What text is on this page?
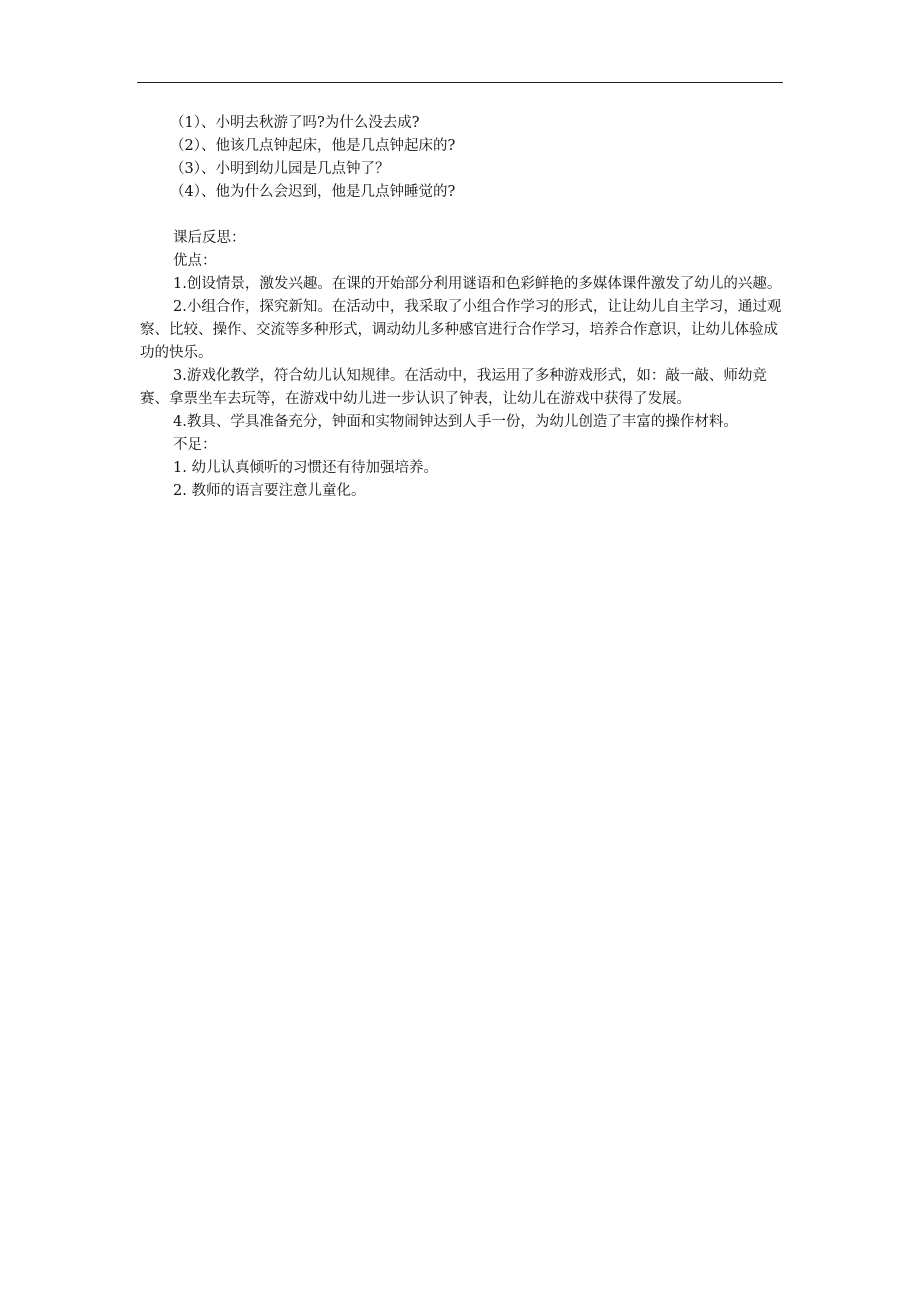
（1）、小明去秋游了吗?为什么没去成?
（2）、他该几点钟起床，他是几点钟起床的?
（3）、小明到幼儿园是几点钟了？
（4）、他为什么会迟到，他是几点钟睡觉的?

课后反思：

优点：

1.创设情景，激发兴趣。在课的开始部分利用谜语和色彩鲜艳的多媒体课件激发了幼儿的兴趣。

2.小组合作，探究新知。在活动中，我采取了小组合作学习的形式，让让幼儿自主学习，通过观察、比较、操作、交流等多种形式，调动幼儿多种感官进行合作学习，培养合作意识，让幼儿体验成功的快乐。

3.游戏化教学，符合幼儿认知规律。在活动中，我运用了多种游戏形式，如：敲一敲、师幼竞赛、拿票坐车去玩等，在游戏中幼儿进一步认识了钟表，让幼儿在游戏中获得了发展。

4.教具、学具准备充分，钟面和实物闹钟达到人手一份，为幼儿创造了丰富的操作材料。

不足：

1. 幼儿认真倾听的习惯还有待加强培养。

2. 教师的语言要注意儿童化。
